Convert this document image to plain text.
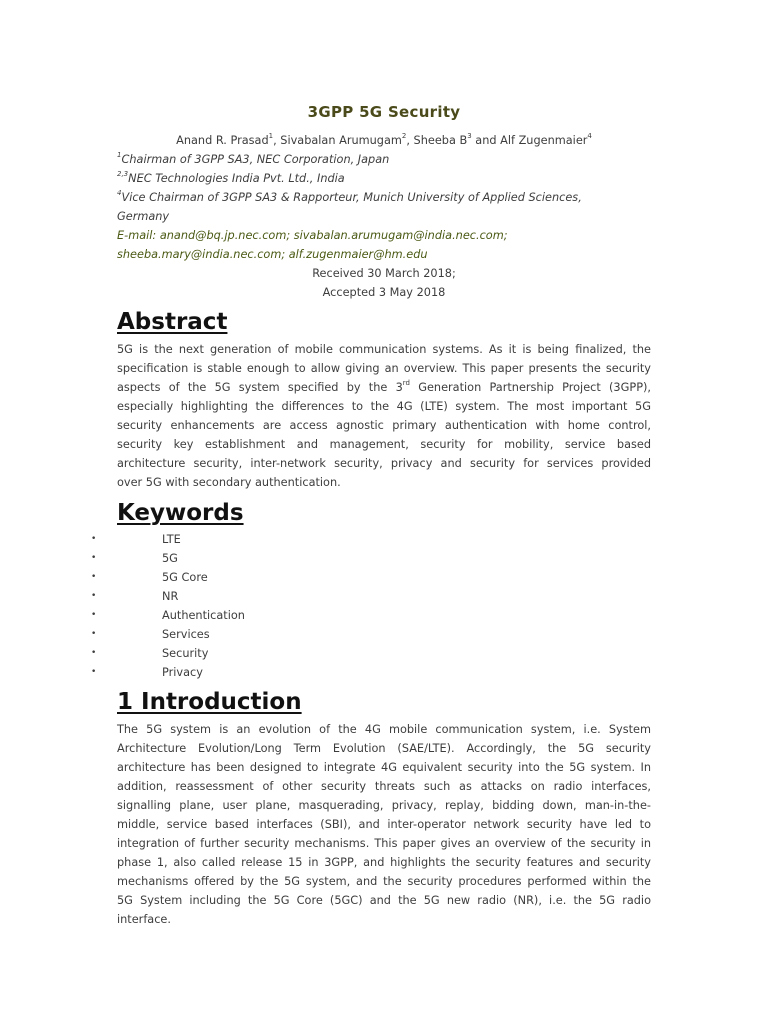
3GPP 5G Security

Anand R. Prasad$^1$, Sivabalan Arumugam$^2$, Sheeba $B^3$ and Alf Zugenmaier$^4$

$^1$Chairman of 3GPP SA3, NEC Corporation, Japan

$^{2,3}$NEC Technologies India Pvt. Ltd., India

$^4$Vice Chairman of 3GPP SA3 & Rapporteur, Munich University of Applied Sciences,

Germany

E-mail: anand@bq.jp.nec.com; sivabalan.arumugam@india.nec.com;

sheeba.mary@india.nec.com; alf.zugenmaier@hm.edu

Received 30 March 2018;

Accepted 3 May 2018

Abstract
5G is the next generation of mobile communication systems. As it is being finalized, the
specification is stable enough to allow giving an overview. This paper presents the security
aspects of the 5G system specified by the 3rd Generation Partnership Project (3GPP),
especially highlighting the differences to the 4G (LTE) system. The most important 5G
security enhancements are access agnostic primary authentication with home control,
security key establishment and management, security for mobility, service based
architecture security, inter-network security, privacy and security for services provided
over 5G with secondary authentication.
Keywords
•	LTE
•	5G
•	5G Core
•	NR
•	Authentication
•	Services
•	Security
•	Privacy
1 Introduction
The 5G system is an evolution of the 4G mobile communication system, i.e. System
Architecture Evolution/Long Term Evolution (SAE/LTE). Accordingly, the 5G security
architecture has been designed to integrate 4G equivalent security into the 5G system. In
addition, reassessment of other security threats such as attacks on radio interfaces,
signalling plane, user plane, masquerading, privacy, replay, bidding down, man-in-the-
middle, service based interfaces (SBI), and inter-operator network security have led to
integration of further security mechanisms. This paper gives an overview of the security in
phase 1, also called release 15 in 3GPP, and highlights the security features and security
mechanisms offered by the 5G system, and the security procedures performed within the
5G System including the 5G Core (5GC) and the 5G new radio (NR), i.e. the 5G radio
interface.
